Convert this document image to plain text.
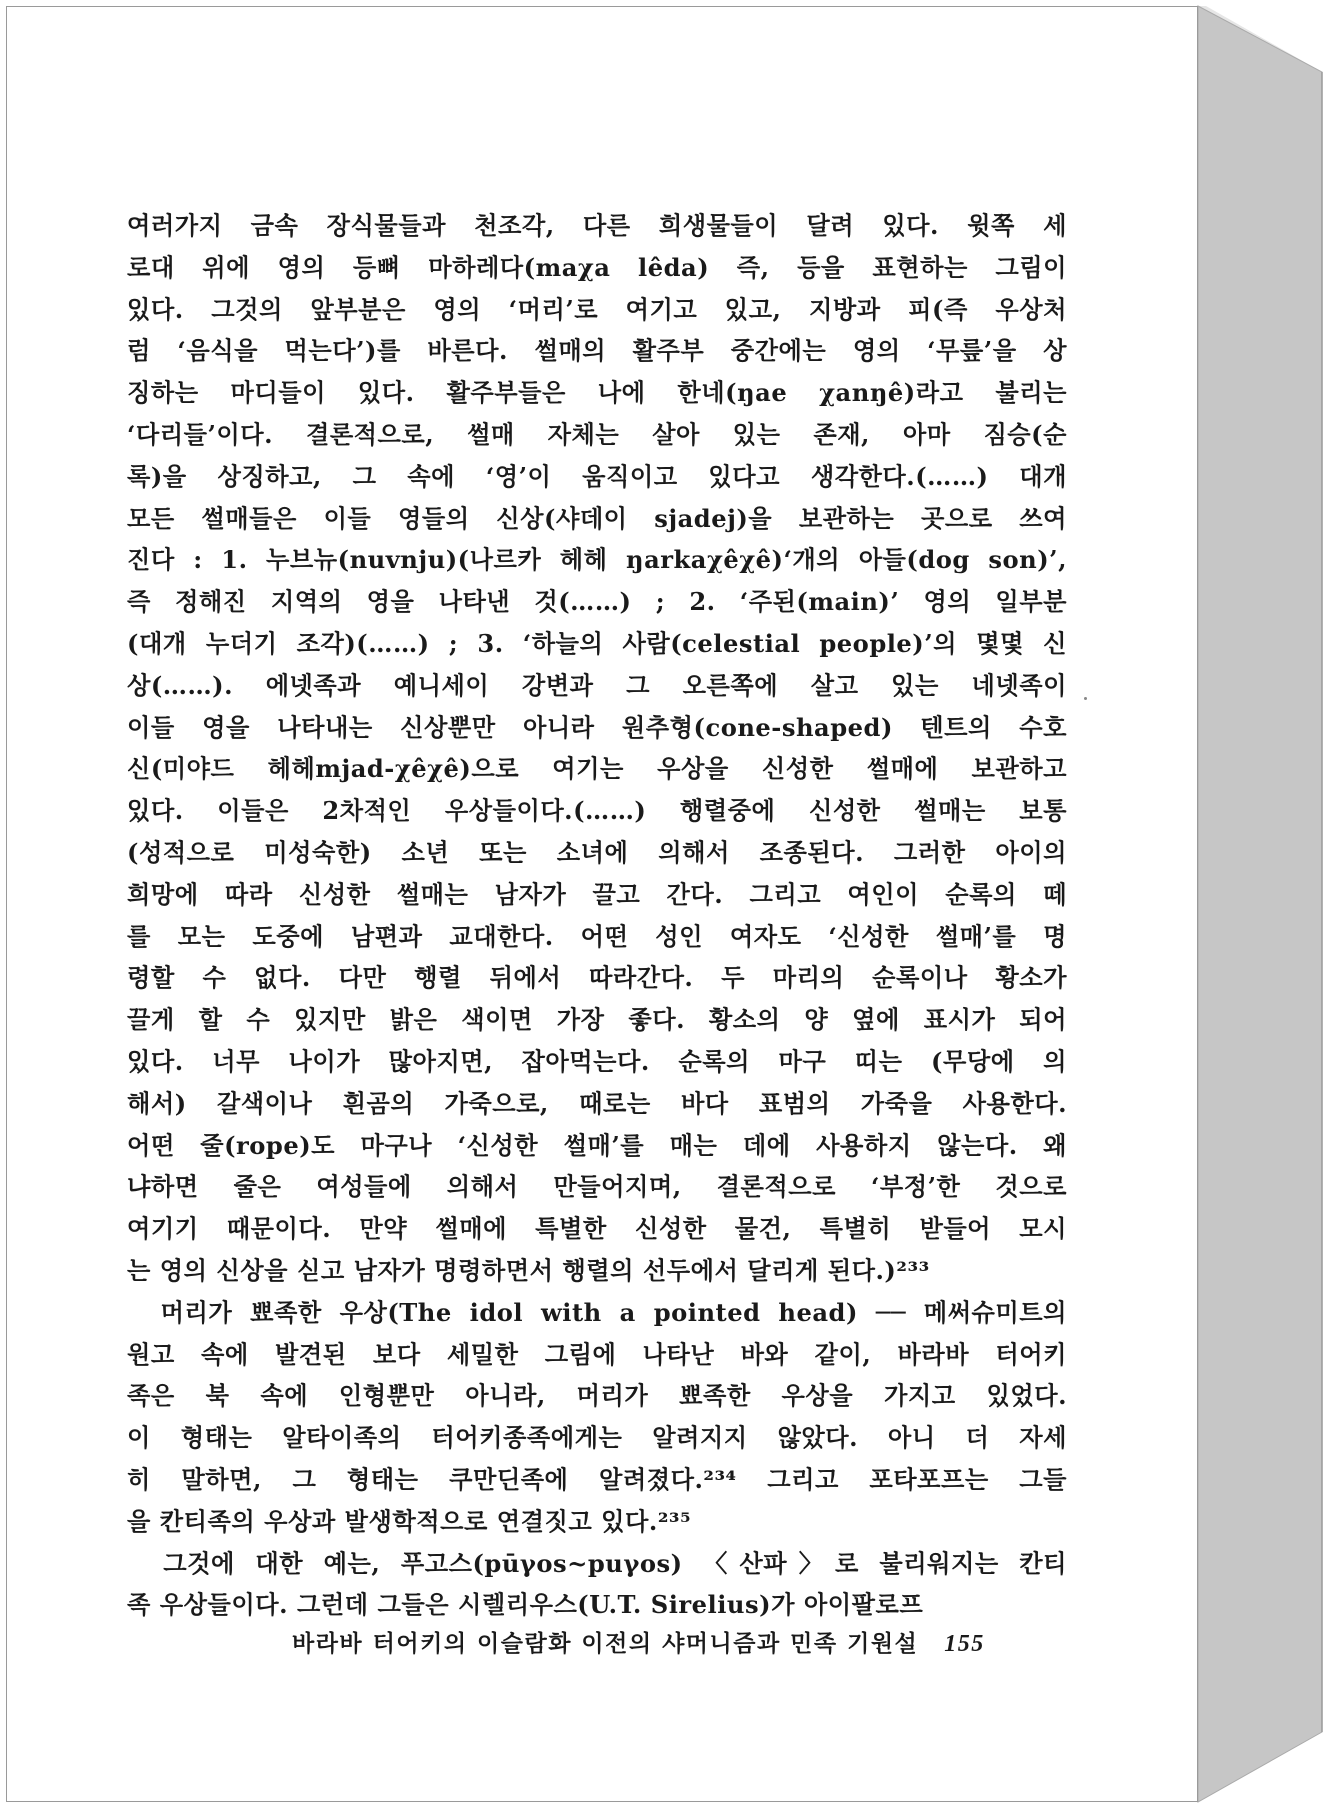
여러가지 금속 장식물들과 천조각, 다른 희생물들이 달려 있다. 윗쪽 세
로대 위에 영의 등뼈 마하레다(maχa lêda) 즉, 등을 표현하는 그림이
있다. 그것의 앞부분은 영의 ‘머리’로 여기고 있고, 지방과 피(즉 우상처
럼 ‘음식을 먹는다’)를 바른다. 썰매의 활주부 중간에는 영의 ‘무릎’을 상
징하는 마디들이 있다. 활주부들은 나에 한네(ŋae χanŋê)라고 불리는
‘다리들’이다. 결론적으로, 썰매 자체는 살아 있는 존재, 아마 짐승(순
록)을 상징하고, 그 속에 ‘영’이 움직이고 있다고 생각한다.(……) 대개
모든 썰매들은 이들 영들의 신상(샤데이 sjadej)을 보관하는 곳으로 쓰여
진다 : 1. 누브뉴(nuvnju)(나르카 헤헤 ŋarkaχêχê)‘개의 아들(dog son)’,
즉 정해진 지역의 영을 나타낸 것(……) ; 2. ‘주된(main)’ 영의 일부분
(대개 누더기 조각)(……) ; 3. ‘하늘의 사람(celestial people)’의 몇몇 신
상(……). 에넷족과 예니세이 강변과 그 오른쪽에 살고 있는 네넷족이
이들 영을 나타내는 신상뿐만 아니라 원추형(cone-shaped) 텐트의 수호
신(미야드 헤헤mjad-χêχê)으로 여기는 우상을 신성한 썰매에 보관하고
있다. 이들은 2차적인 우상들이다.(……) 행렬중에 신성한 썰매는 보통
(성적으로 미성숙한) 소년 또는 소녀에 의해서 조종된다. 그러한 아이의
희망에 따라 신성한 썰매는 남자가 끌고 간다. 그리고 여인이 순록의 떼
를 모는 도중에 남편과 교대한다. 어떤 성인 여자도 ‘신성한 썰매’를 명
령할 수 없다. 다만 행렬 뒤에서 따라간다. 두 마리의 순록이나 황소가
끌게 할 수 있지만 밝은 색이면 가장 좋다. 황소의 양 옆에 표시가 되어
있다. 너무 나이가 많아지면, 잡아먹는다. 순록의 마구 띠는 (무당에 의
해서) 갈색이나 흰곰의 가죽으로, 때로는 바다 표범의 가죽을 사용한다.
어떤 줄(rope)도 마구나 ‘신성한 썰매’를 매는 데에 사용하지 않는다. 왜
냐하면 줄은 여성들에 의해서 만들어지며, 결론적으로 ‘부정’한 것으로
여기기 때문이다. 만약 썰매에 특별한 신성한 물건, 특별히 받들어 모시
는 영의 신상을 싣고 남자가 명령하면서 행렬의 선두에서 달리게 된다.)²³³
　머리가 뾰족한 우상(The idol with a pointed head) ── 메써슈미트의
원고 속에 발견된 보다 세밀한 그림에 나타난 바와 같이, 바라바 터어키
족은 북 속에 인형뿐만 아니라, 머리가 뾰족한 우상을 가지고 있었다.
이 형태는 알타이족의 터어키종족에게는 알려지지 않았다. 아니 더 자세
히 말하면, 그 형태는 쿠만딘족에 알려졌다.²³⁴ 그리고 포타포프는 그들
을 칸티족의 우상과 발생학적으로 연결짓고 있다.²³⁵
　그것에 대한 예는, 푸고스(pūγos~puγos) 〈산파〉로 불리워지는 칸티
족 우상들이다. 그런데 그들은 시렐리우스(U.T. Sirelius)가 아이팔로프
바라바 터어키의 이슬람화 이전의 샤머니즘과 민족 기원설 155
